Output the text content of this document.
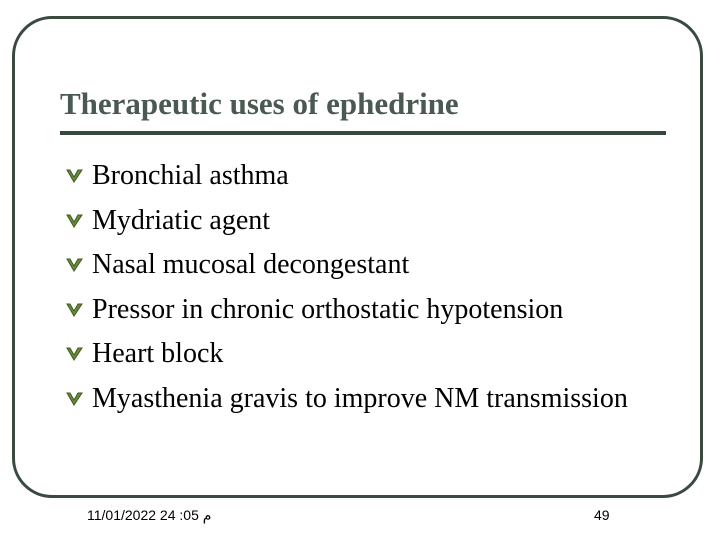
Therapeutic uses of ephedrine
Bronchial asthma
Mydriatic agent
Nasal mucosal decongestant
Pressor in chronic orthostatic hypotension
Heart block
Myasthenia gravis to improve NM transmission
م 05: 24 11/01/2022	49
